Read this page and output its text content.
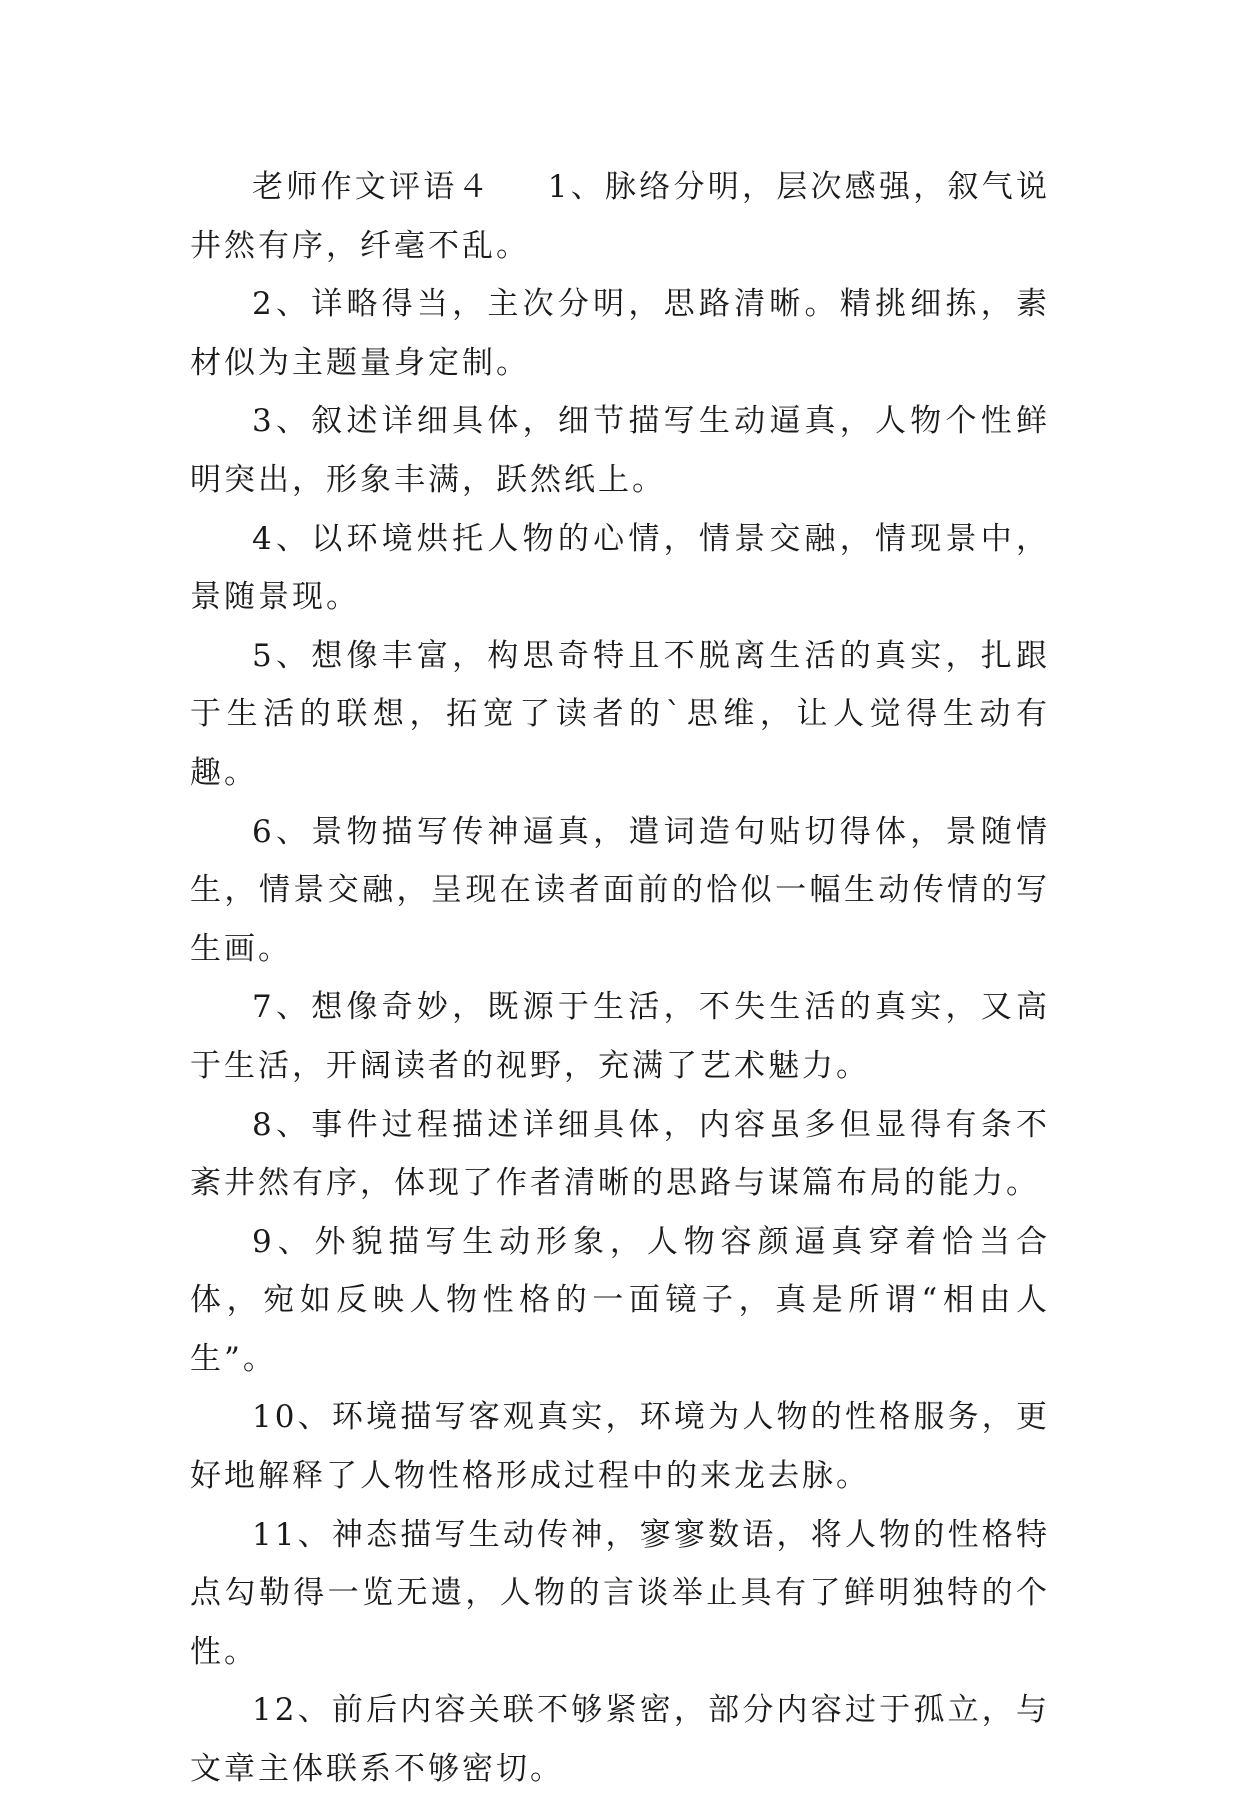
老师作文评语４ 1、脉络分明，层次感强，叙气说井然有序，纤毫不乱。

2、详略得当，主次分明，思路清晰。精挑细拣，素材似为主题量身定制。

3、叙述详细具体，细节描写生动逼真，人物个性鲜明突出，形象丰满，跃然纸上。

4、以环境烘托人物的心情，情景交融，情现景中，景随景现。

5、想像丰富，构思奇特且不脱离生活的真实，扎跟于生活的联想，拓宽了读者的`思维，让人觉得生动有趣。

6、景物描写传神逼真，遣词造句贴切得体，景随情生，情景交融，呈现在读者面前的恰似一幅生动传情的写生画。

7、想像奇妙，既源于生活，不失生活的真实，又高于生活，开阔读者的视野，充满了艺术魅力。

8、事件过程描述详细具体，内容虽多但显得有条不紊井然有序，体现了作者清晰的思路与谋篇布局的能力。

9、外貌描写生动形象，人物容颜逼真穿着恰当合体，宛如反映人物性格的一面镜子，真是所谓“相由人生”。

10、环境描写客观真实，环境为人物的性格服务，更好地解释了人物性格形成过程中的来龙去脉。

11、神态描写生动传神，寥寥数语，将人物的性格特点勾勒得一览无遗，人物的言谈举止具有了鲜明独特的个性。

12、前后内容关联不够紧密，部分内容过于孤立，与文章主体联系不够密切。
